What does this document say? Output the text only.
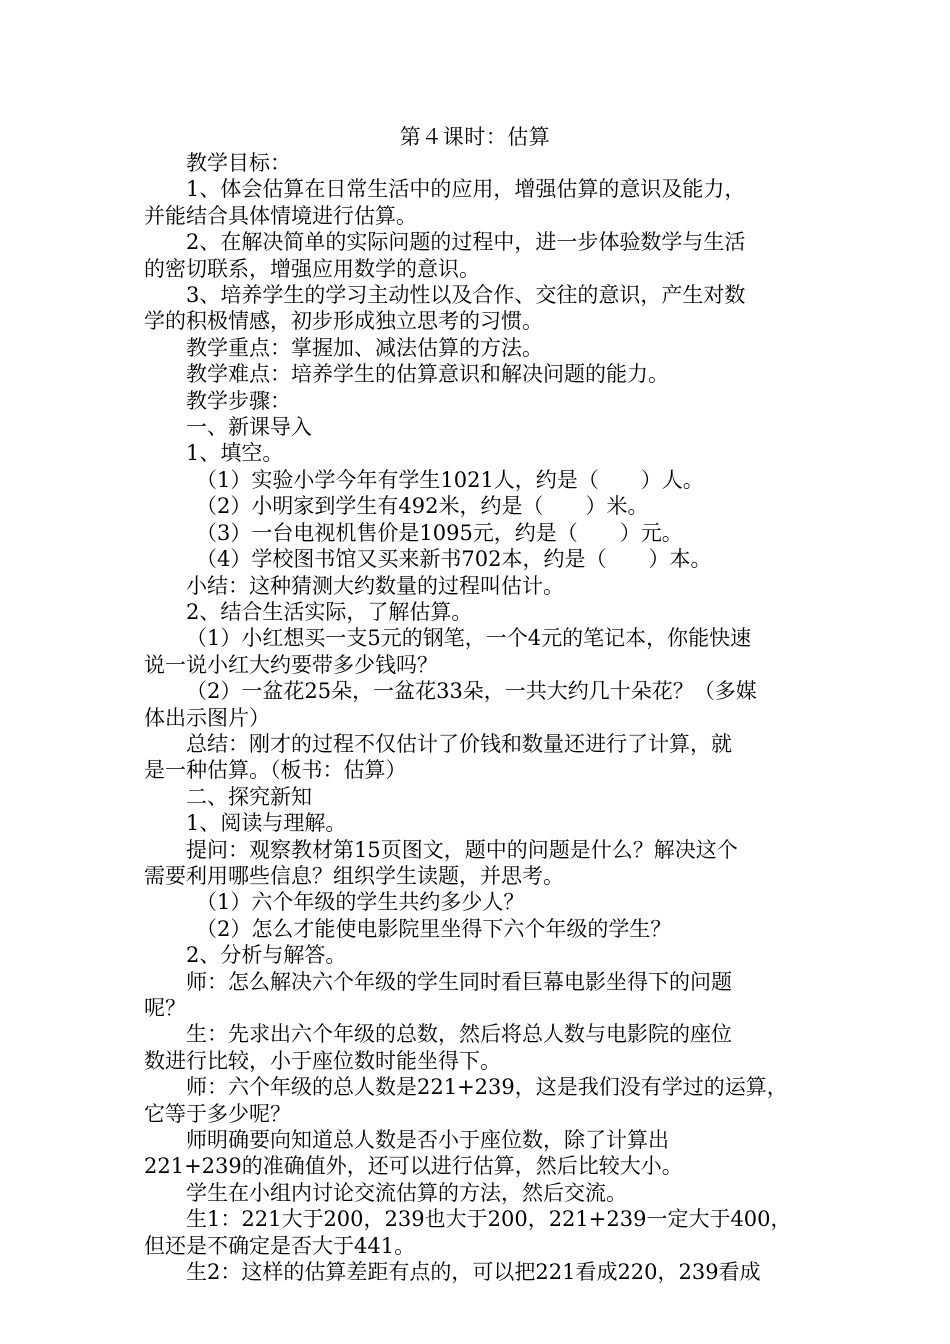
第４课时：估算

教学目标：

1、体会估算在日常生活中的应用，增强估算的意识及能力，

并能结合具体情境进行估算。

2、在解决简单的实际问题的过程中，进一步体验数学与生活

的密切联系，增强应用数学的意识。

3、培养学生的学习主动性以及合作、交往的意识，产生对数

学的积极情感，初步形成独立思考的习惯。

教学重点：掌握加、减法估算的方法。

教学难点：培养学生的估算意识和解决问题的能力。

教学步骤：

一、新课导入

1、填空。

（1）实验小学今年有学生1021人，约是（　　）人。

（2）小明家到学生有492米，约是（　　）米。

（3）一台电视机售价是1095元，约是（　　）元。

（4）学校图书馆又买来新书702本，约是（　　）本。

小结：这种猜测大约数量的过程叫估计。

2、结合生活实际，了解估算。

（1）小红想买一支5元的钢笔，一个4元的笔记本，你能快速

说一说小红大约要带多少钱吗？

（2）一盆花25朵，一盆花33朵，一共大约几十朵花？（多媒

体出示图片）

总结：刚才的过程不仅估计了价钱和数量还进行了计算，就

是一种估算。（板书：估算）

二、探究新知

1、阅读与理解。

提问：观察教材第15页图文，题中的问题是什么？解决这个

需要利用哪些信息？组织学生读题，并思考。

（1）六个年级的学生共约多少人？

（2）怎么才能使电影院里坐得下六个年级的学生？

2、分析与解答。

师：怎么解决六个年级的学生同时看巨幕电影坐得下的问题

呢？

生：先求出六个年级的总数，然后将总人数与电影院的座位

数进行比较，小于座位数时能坐得下。

师：六个年级的总人数是221+239，这是我们没有学过的运算，

它等于多少呢？

师明确要向知道总人数是否小于座位数，除了计算出

221+239的准确值外，还可以进行估算，然后比较大小。

学生在小组内讨论交流估算的方法，然后交流。

生1：221大于200，239也大于200，221+239一定大于400，

但还是不确定是否大于441。

生2：这样的估算差距有点的，可以把221看成220，239看成
